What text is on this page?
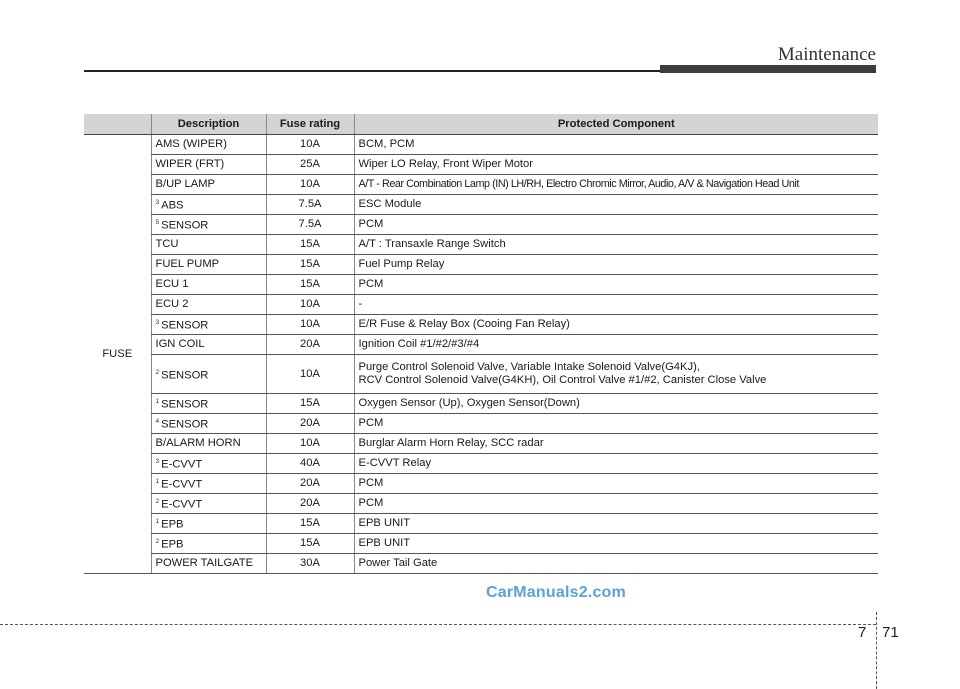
Maintenance
	Description	Fuse rating	Protected Component
FUSE	AMS (WIPER)	10A	BCM, PCM

	WIPER (FRT)	25A	Wiper LO Relay, Front Wiper Motor

	B/UP LAMP	10A	A/T - Rear Combination Lamp (IN) LH/RH, Electro Chromic Mirror, Audio, A/V & Navigation Head Unit

	$^3$ ABS	7.5A	ESC Module

	$^5$ SENSOR	7.5A	PCM

	TCU	15A	A/T : Transaxle Range Switch

	FUEL PUMP	15A	Fuel Pump Relay

	ECU 1	15A	PCM

	ECU 2	10A	-

	$^3$ SENSOR	10A	E/R Fuse & Relay Box (Cooing Fan Relay)

	IGN COIL	20A	Ignition Coil #1/#2/#3/#4

	$^2$ SENSOR	10A	Purge Control Solenoid Valve, Variable Intake Solenoid Valve(G4KJ),
RCV Control Solenoid Valve(G4KH), Oil Control Valve #1/#2, Canister Close Valve

	$^1$ SENSOR	15A	Oxygen Sensor (Up), Oxygen Sensor(Down)

	$^4$ SENSOR	20A	PCM

	B/ALARM HORN	10A	Burglar Alarm Horn Relay, SCC radar

	$^3$ E-CVVT	40A	E-CVVT Relay

	$^1$ E-CVVT	20A	PCM

	$^2$ E-CVVT	20A	PCM

	$^1$ EPB	15A	EPB UNIT

	$^2$ EPB	15A	EPB UNIT

	POWER TAILGATE	30A	Power Tail Gate
CarManuals2.com
7 71
